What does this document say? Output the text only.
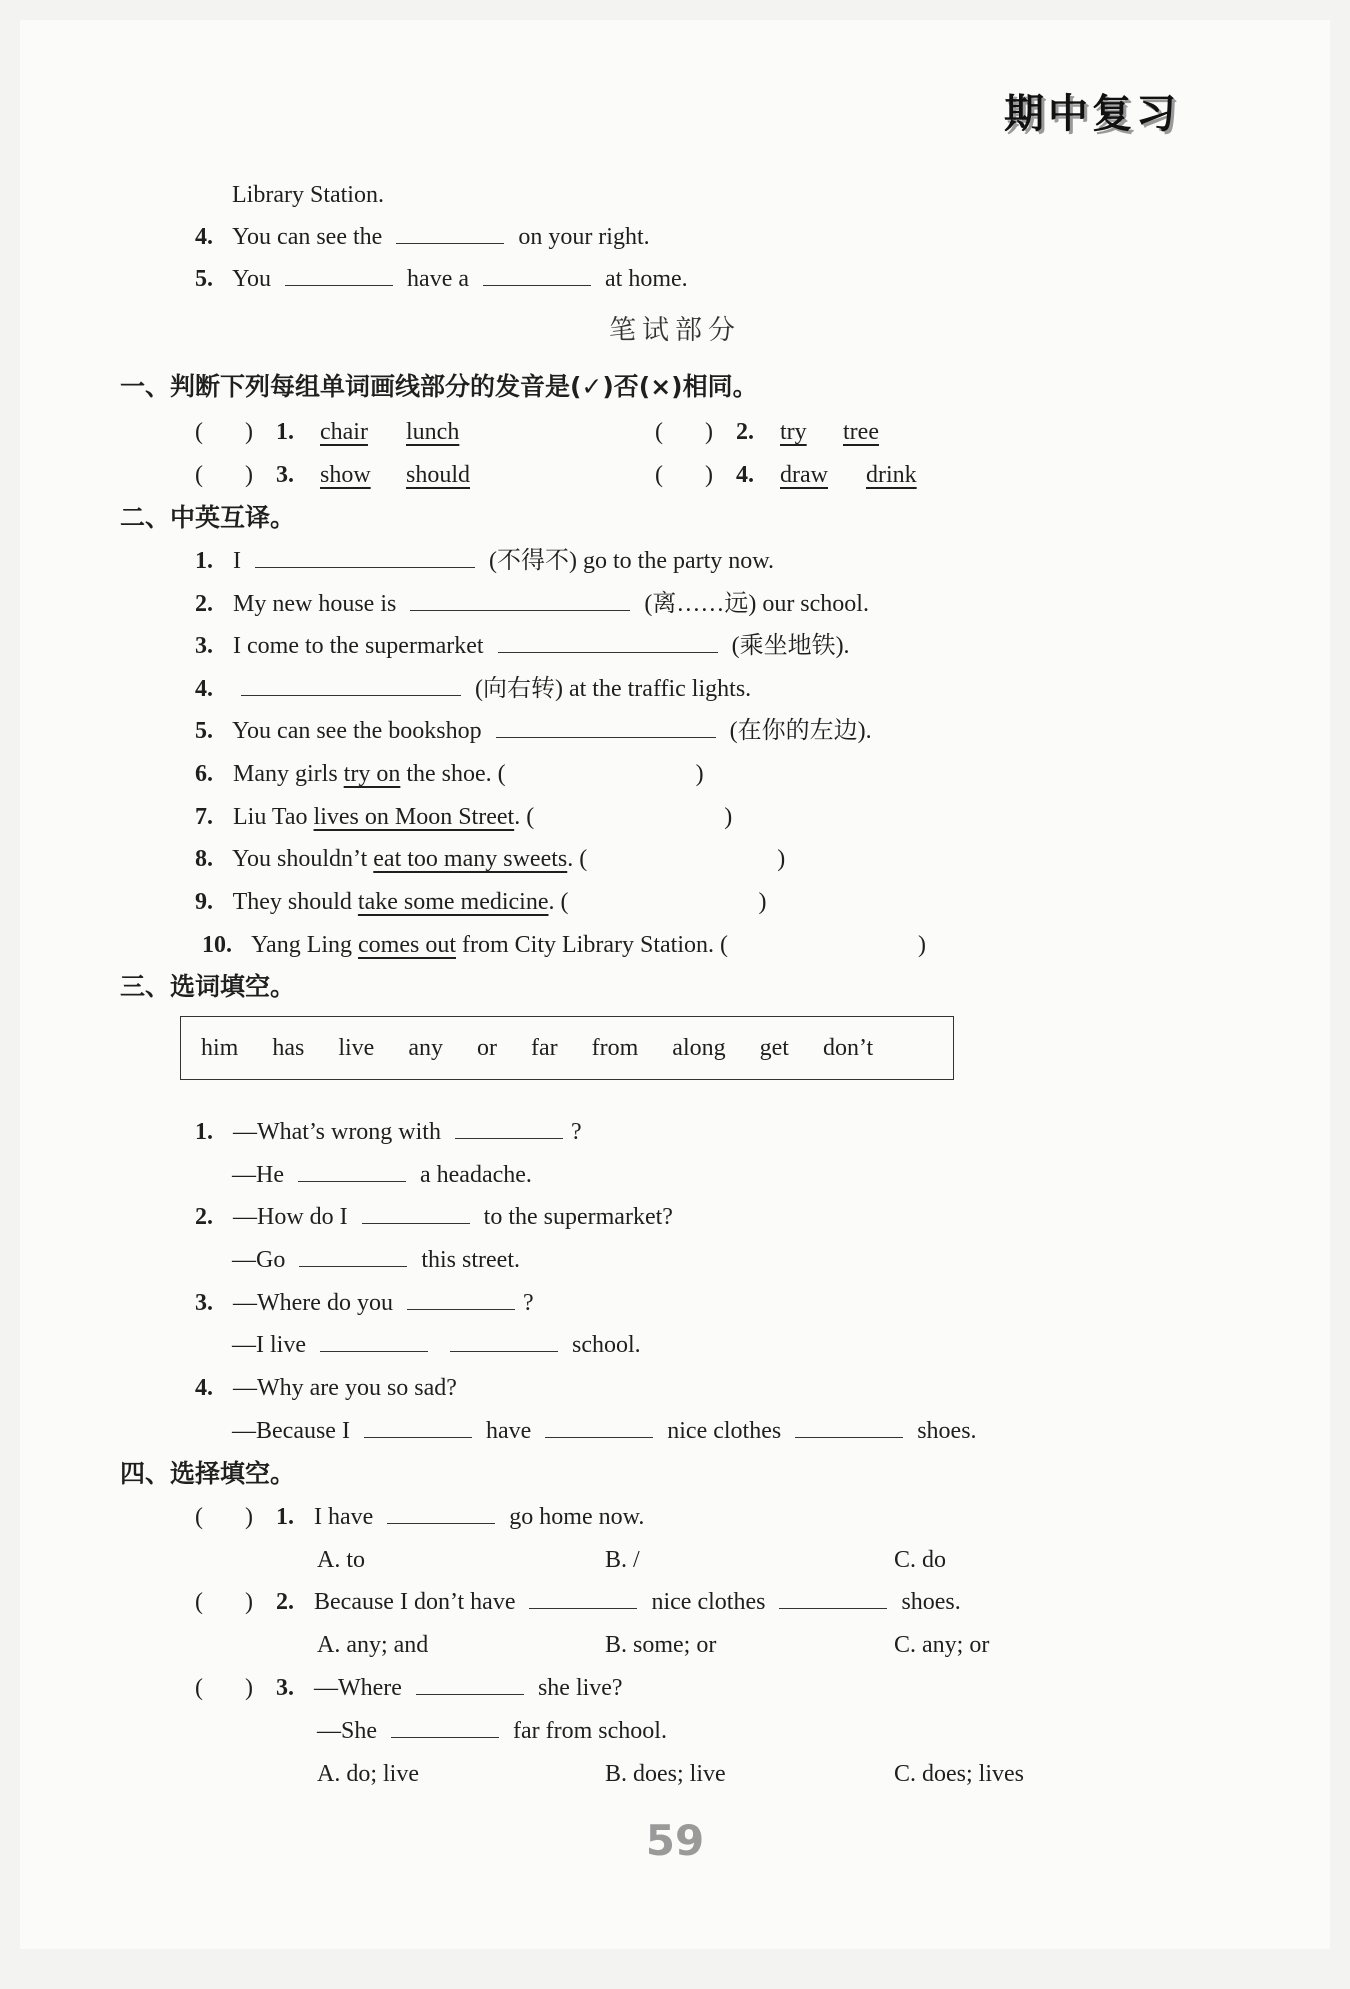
期中复习
Library Station.
4. You can see the	on your right.
5. You	have a	at home.
笔试部分
一、判断下列每组单词画线部分的发音是(✓)否(×)相同。
(       ) 1. chair lunch	(       ) 2. try tree
(       ) 3. show should	(       ) 4. draw drink
二、中英互译。
1. I	(不得不) go to the party now.
2. My new house is	(离……远) our school.
3. I come to the supermarket	(乘坐地铁).
4.	(向右转) at the traffic lights.
5. You can see the bookshop	(在你的左边).
6. Many girls try on the shoe. (	)
7. Liu Tao lives on Moon Street. (	)
8. You shouldn’t eat too many sweets. (	)
9. They should take some medicine. (	)
10. Yang Ling comes out from City Library Station. (	)
三、选词填空。
him has live any or far from along get don’t
1. —What’s wrong with	?
—He	a headache.
2. —How do I	to the supermarket?
—Go	this street.
3. —Where do you	?
—I live	school.
4. —Why are you so sad?
—Because I	have	nice clothes	shoes.
四、选择填空。
(       ) 1. I have	go home now.
A. to	B. /	C. do
(       ) 2. Because I don’t have	nice clothes	shoes.
A. any; and	B. some; or	C. any; or
(       ) 3. —Where	she live?
—She	far from school.
A. do; live	B. does; live	C. does; lives
59
